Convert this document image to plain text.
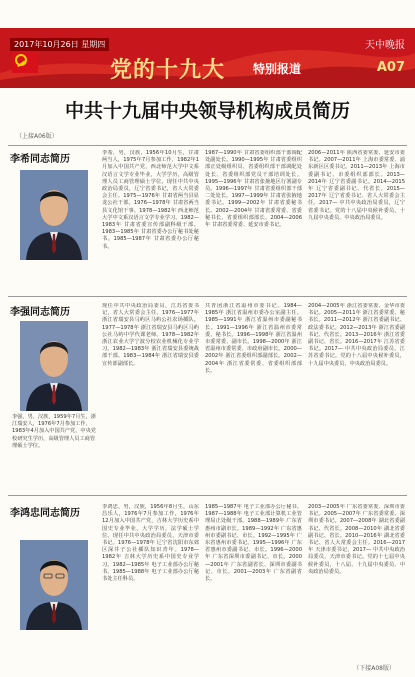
2017年10月26日 星期四
党的十九大 特别报道
天中晚报
A07
中共十九届中央领导机构成员简历
（上接A06版）
李希同志简历
李希，男，汉族，1956年10月生，甘肃两当人，1975年7月参加工作，1982年1月加入中国共产党，西北师范大学中文系汉语言文学专业毕业，大学学历，高级管理人员工商管理硕士学位。现任中共中央政治局委员，辽宁省委书记，省人大常委会主任。1975—1976年 甘肃省两当县显龙公社干部。1976—1978年 甘肃省两当县文化馆干事。1978—1982年 西北师范大学中文系汉语言文学专业学习。1982—1983年 甘肃省委宣传部副科级干部。1983—1985年 甘肃省委办公厅秘书处秘书。1985—1987年 甘肃省委办公厅秘书。
1987—1990年 甘肃省委组织部干部调配处副处长。1990—1995年 甘肃省委组织部正处级组织员、省委组织部干部调配处处长、省委组织部党员干部培训处长。1995—1996年 甘肃省张掖地区行署副专员。1996—1997年 甘肃省委组织部干部二处处长。1997—1999年 甘肃省张掖地委书记。1999—2002年 甘肃省委秘书长。2002—2004年 甘肃省委常委、省委秘书长、省委组织部部长。2004—2006年 甘肃省委常委、延安市委书记。
2006—2011年 陕西省委常委、延安市委书记。2007—2011年 上海市委常委、浦东新区区委书记。2011—2013年 上海市委副书记、市委组织部部长。2013—2014年 辽宁省委副书记。2014—2015年 辽宁省委副书记、代省长。2015—2017年 辽宁省委书记、省人大常委会主任。2017— 中共中央政治局委员，辽宁省委书记。党的十八届中央候补委员，十九届中央委员、中央政治局委员。
李强同志简历
李强，男，汉族，1959年7月生，浙江瑞安人，1976年7月参加工作，1983年4月加入中国共产党，中央党校研究生学历，高级管理人员工商管理硕士学位。
现任中共中央政治局委员，江苏省委书记，省人大常委会主任。1976—1977年 浙江省瑞安县马屿区马屿公社农场插队。1977—1978年 浙江省瑞安县马屿区马屿公社马屿中学代课老师。1978—1982年 浙江农业大学宁波分校农业机械化专业学习。1982—1983年 浙江省瑞安县委统战部干部。1983—1984年 浙江省瑞安县委宣传部副部长。
共青团浙江省温州市委书记。1984—1985年 浙江省温州市委办公室副主任。1985—1991年 浙江省温州市委副秘书长。1991—1996年 浙江省温州市委常委、秘书长。1996—1998年 浙江省温州市委常委、副市长。1998—2000年 浙江省温州市委常委、市政府副市长。2000—2002年 浙江省委组织部副部长。2002—2004年 浙江省委常委、省委组织部部长。
2004—2005年 浙江省委常委、金华市委书记。2005—2011年 浙江省委常委、秘书长。2011—2012年 浙江省委副书记、政法委书记。2012—2013年 浙江省委副书记、代省长。2013—2016年 浙江省委副书记、省长。2016—2017年 江苏省委书记。2017— 中共中央政治局委员，江苏省委书记。党的十八届中央候补委员，十九届中央委员、中央政治局委员。
李鸿忠同志简历
李鸿忠，男，汉族，1956年8月生，山东昌乐人，1976年7月参加工作，1976年12月加入中国共产党，吉林大学历史系中国史专业毕业，大学学历，法学硕士学位。现任中共中央政治局委员，天津市委书记。1976—1978年 辽宁省沈阳市东郊区深井子公社插队知识青年。1978—1982年 吉林大学历史系中国史专业学习。1982—1985年 电子工业部办公厅秘书。1985—1988年 电子工业部办公厅秘书处主任科员。
1985—1987年 电子工业部办公厅秘书。1987—1988年 电子工业部计算机工业管理局正处级干部。1988—1989年 广东省惠州市副市长。1989—1992年 广东省惠州市委副书记、市长。1992—1995年 广东省惠州市委书记。1995—1996年 广东省惠州市委副书记、市长。1996—2000年 广东省深圳市委副书记、市长。2000—2001年 广东省副省长、深圳市委副书记、市长。2001—2003年 广东省副省长。
2003—2005年 广东省委常委、深圳市委书记。2005—2007年 广东省委常委、深圳市委书记。2007—2008年 湖北省委副书记、代省长。2008—2010年 湖北省委副书记、省长。2010—2016年 湖北省委书记、省人大常委会主任。2016—2017年 天津市委书记。2017— 中共中央政治局委员，天津市委书记。党的十七届中央候补委员，十八届、十九届中央委员、中央政治局委员。
（下接A08版）
